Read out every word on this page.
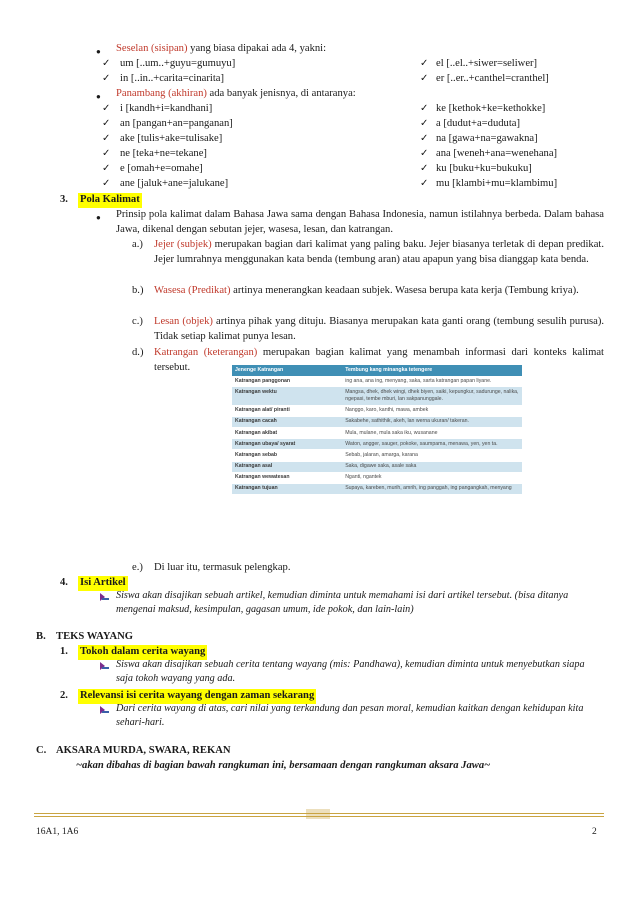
● Seselan (sisipan) yang biasa dipakai ada 4, yakni:
✓ um [..um..+guyu=gumuyu]
✓ in [..in..+carita=cinarita]
✓ el [..el..+siwer=seliwer]
✓ er [..er..+canthel=cranthel]
● Panambang (akhiran) ada banyak jenisnya, di antaranya:
✓ i [kandh+i=kandhani]
✓ an [pangan+an=panganan]
✓ ake [tulis+ake=tulisake]
✓ ne [teka+ne=tekane]
✓ e [omah+e=omahe]
✓ ane [jaluk+ane=jalukane]
✓ ke [kethok+ke=kethokke]
✓ a [dudut+a=duduta]
✓ na [gawa+na=gawakna]
✓ ana [weneh+ana=wenehana]
✓ ku [buku+ku=bukuku]
✓ mu [klambi+mu=klambimu]
3. Pola Kalimat
● Prinsip pola kalimat dalam Bahasa Jawa sama dengan Bahasa Indonesia, namun istilahnya berbeda. Dalam bahasa Jawa, dikenal dengan sebutan jejer, wasesa, lesan, dan katrangan.
a.) Jejer (subjek) merupakan bagian dari kalimat yang paling baku. Jejer biasanya terletak di depan predikat. Jejer lumrahnya menggunakan kata benda (tembung aran) atau apapun yang bisa dianggap kata benda.
b.) Wasesa (Predikat) artinya menerangkan keadaan subjek. Wasesa berupa kata kerja (Tembung kriya).
c.) Lesan (objek) artinya pihak yang dituju. Biasanya merupakan kata ganti orang (tembung sesulih purusa). Tidak setiap kalimat punya lesan.
d.) Katrangan (keterangan) merupakan bagian kalimat yang menambah informasi dari konteks kalimat tersebut.	Jenenge Katrangan	Tembung kang minangka tetengere
Katrangan panggonan	ing ana, ana ing, menyang, saka, sarta katrangan papan liyane.
Katrangan wektu	Mangsa, dhek, dhek wingi, dhek biyen, saiki, kepungkur, sadurunge, nalika, ngepasi, tembe mburi, lan sakpanunggale.
Katrangan alat/ piranti	Nanggo, karo, kanthi, mawa, ambek
Katrangan cacah	Sakabehe, sathithik, akeh, lan werna ukuran/ takeran.
Katrangan akibat	Mula, mulane, mula saka iku, wusanane
Katrangan ubaya/ syarat	Waton, angger, sauger, pokoke, saumpama, menawa, yen, yen ta.
Katrangan sebab	Sebab, jalaran, amarga, karana
Katrangan asal	Saka, digawe saka, asale saka
Katrangan wewatesan	Nganti, ngantek
Katrangan tujuan	Supaya, kareben, murih, amrih, ing panggah, ing pangangkah, menyang
e.) Di luar itu, termasuk pelengkap.
4. Isi Artikel
Siswa akan disajikan sebuah artikel, kemudian diminta untuk memahami isi dari artikel tersebut. (bisa ditanya mengenai maksud, kesimpulan, gagasan umum, ide pokok, dan lain-lain)
B. TEKS WAYANG
1. Tokoh dalam cerita wayang
Siswa akan disajikan sebuah cerita tentang wayang (mis: Pandhawa), kemudian diminta untuk menyebutkan siapa saja tokoh wayang yang ada.
2. Relevansi isi cerita wayang dengan zaman sekarang
Dari cerita wayang di atas, cari nilai yang terkandung dan pesan moral, kemudian kaitkan dengan kehidupan kita sehari-hari.
C. AKSARA MURDA, SWARA, REKAN
~akan dibahas di bagian bawah rangkuman ini, bersamaan dengan rangkuman aksara Jawa~
16A1, 1A6	2
